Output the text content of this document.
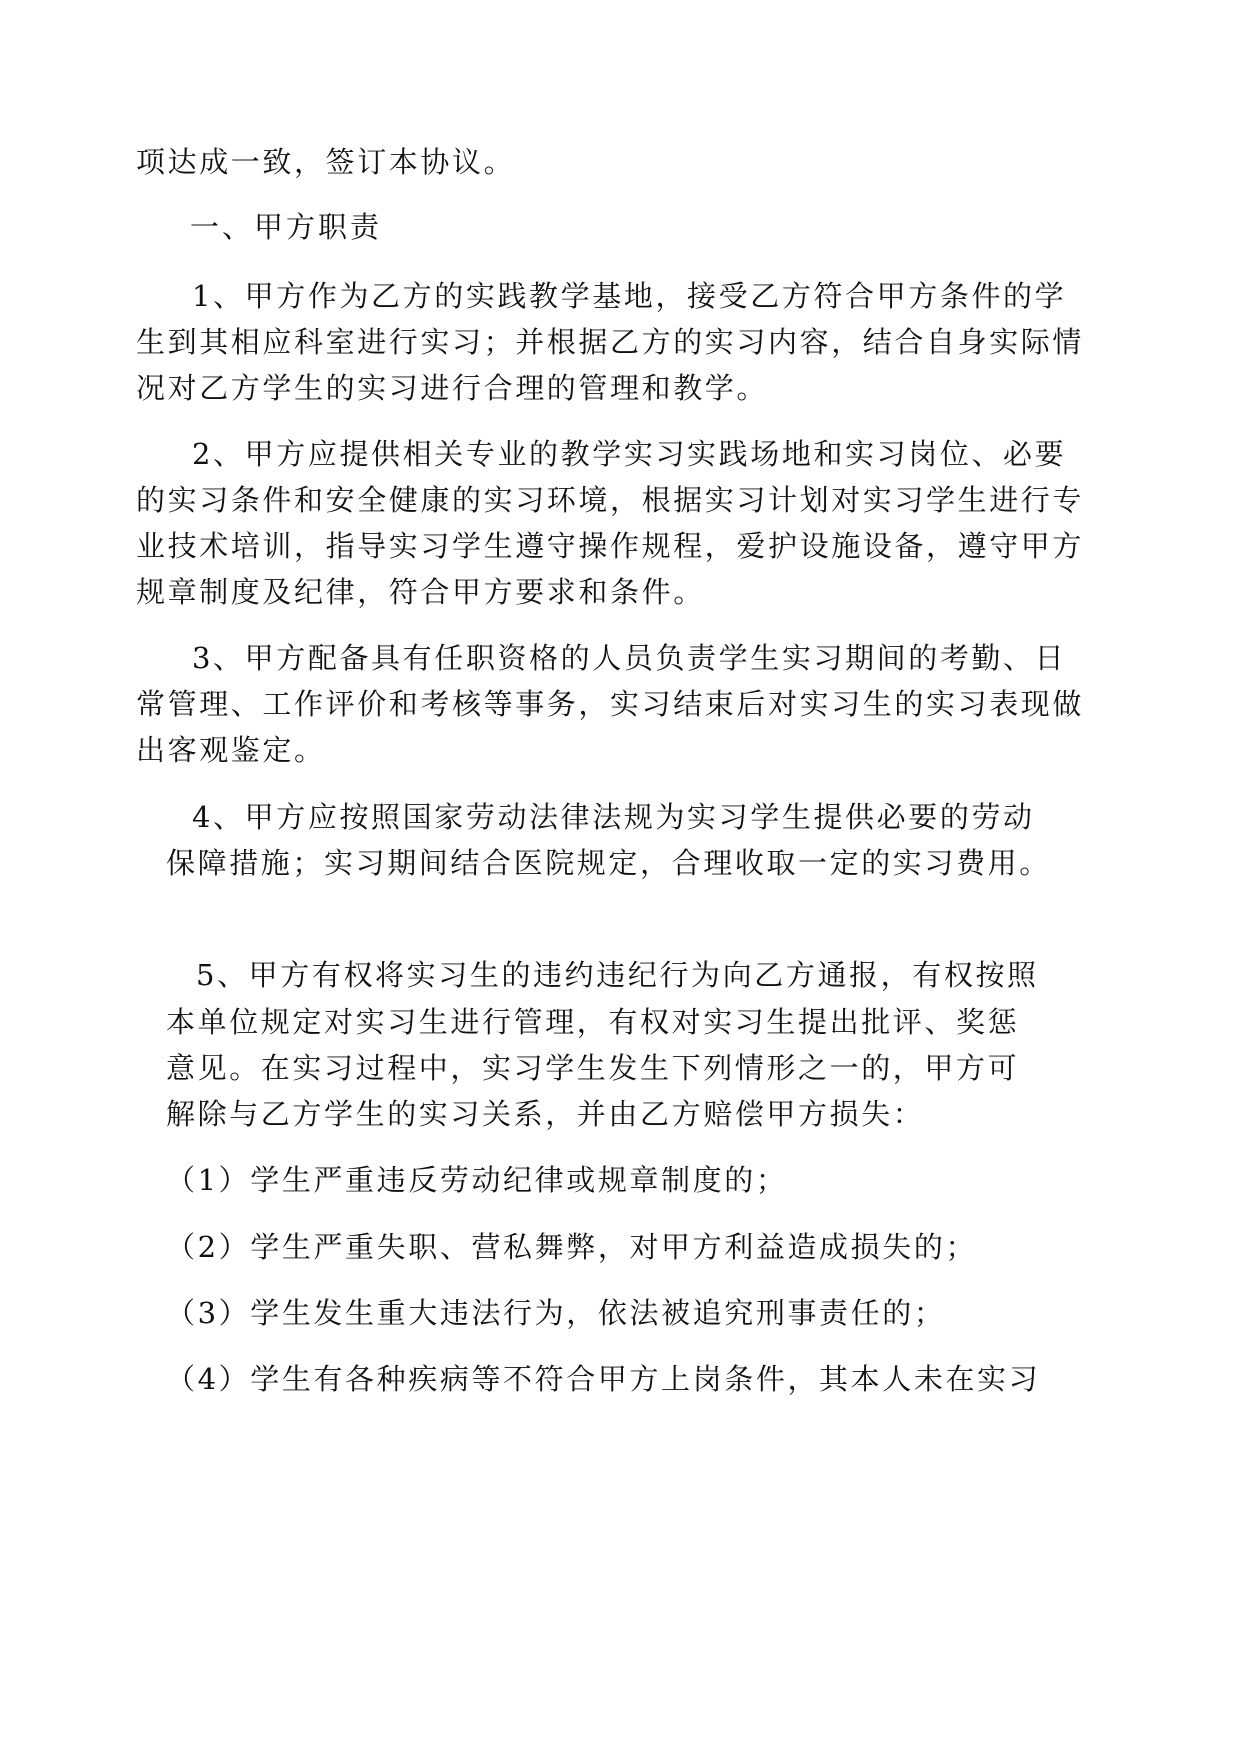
项达成一致，签订本协议。

一、甲方职责

1、甲方作为乙方的实践教学基地，接受乙方符合甲方条件的学

生到其相应科室进行实习；并根据乙方的实习内容，结合自身实际情

况对乙方学生的实习进行合理的管理和教学。

2、甲方应提供相关专业的教学实习实践场地和实习岗位、必要

的实习条件和安全健康的实习环境，根据实习计划对实习学生进行专

业技术培训，指导实习学生遵守操作规程，爱护设施设备，遵守甲方

规章制度及纪律，符合甲方要求和条件。

3、甲方配备具有任职资格的人员负责学生实习期间的考勤、日

常管理、工作评价和考核等事务，实习结束后对实习生的实习表现做

出客观鉴定。

4、甲方应按照国家劳动法律法规为实习学生提供必要的劳动

保障措施；实习期间结合医院规定，合理收取一定的实习费用。

5、甲方有权将实习生的违约违纪行为向乙方通报，有权按照

本单位规定对实习生进行管理，有权对实习生提出批评、奖惩

意见。在实习过程中，实习学生发生下列情形之一的，甲方可

解除与乙方学生的实习关系，并由乙方赔偿甲方损失：

（1）学生严重违反劳动纪律或规章制度的；

（2）学生严重失职、营私舞弊，对甲方利益造成损失的；

（3）学生发生重大违法行为，依法被追究刑事责任的；

（4）学生有各种疾病等不符合甲方上岗条件，其本人未在实习
